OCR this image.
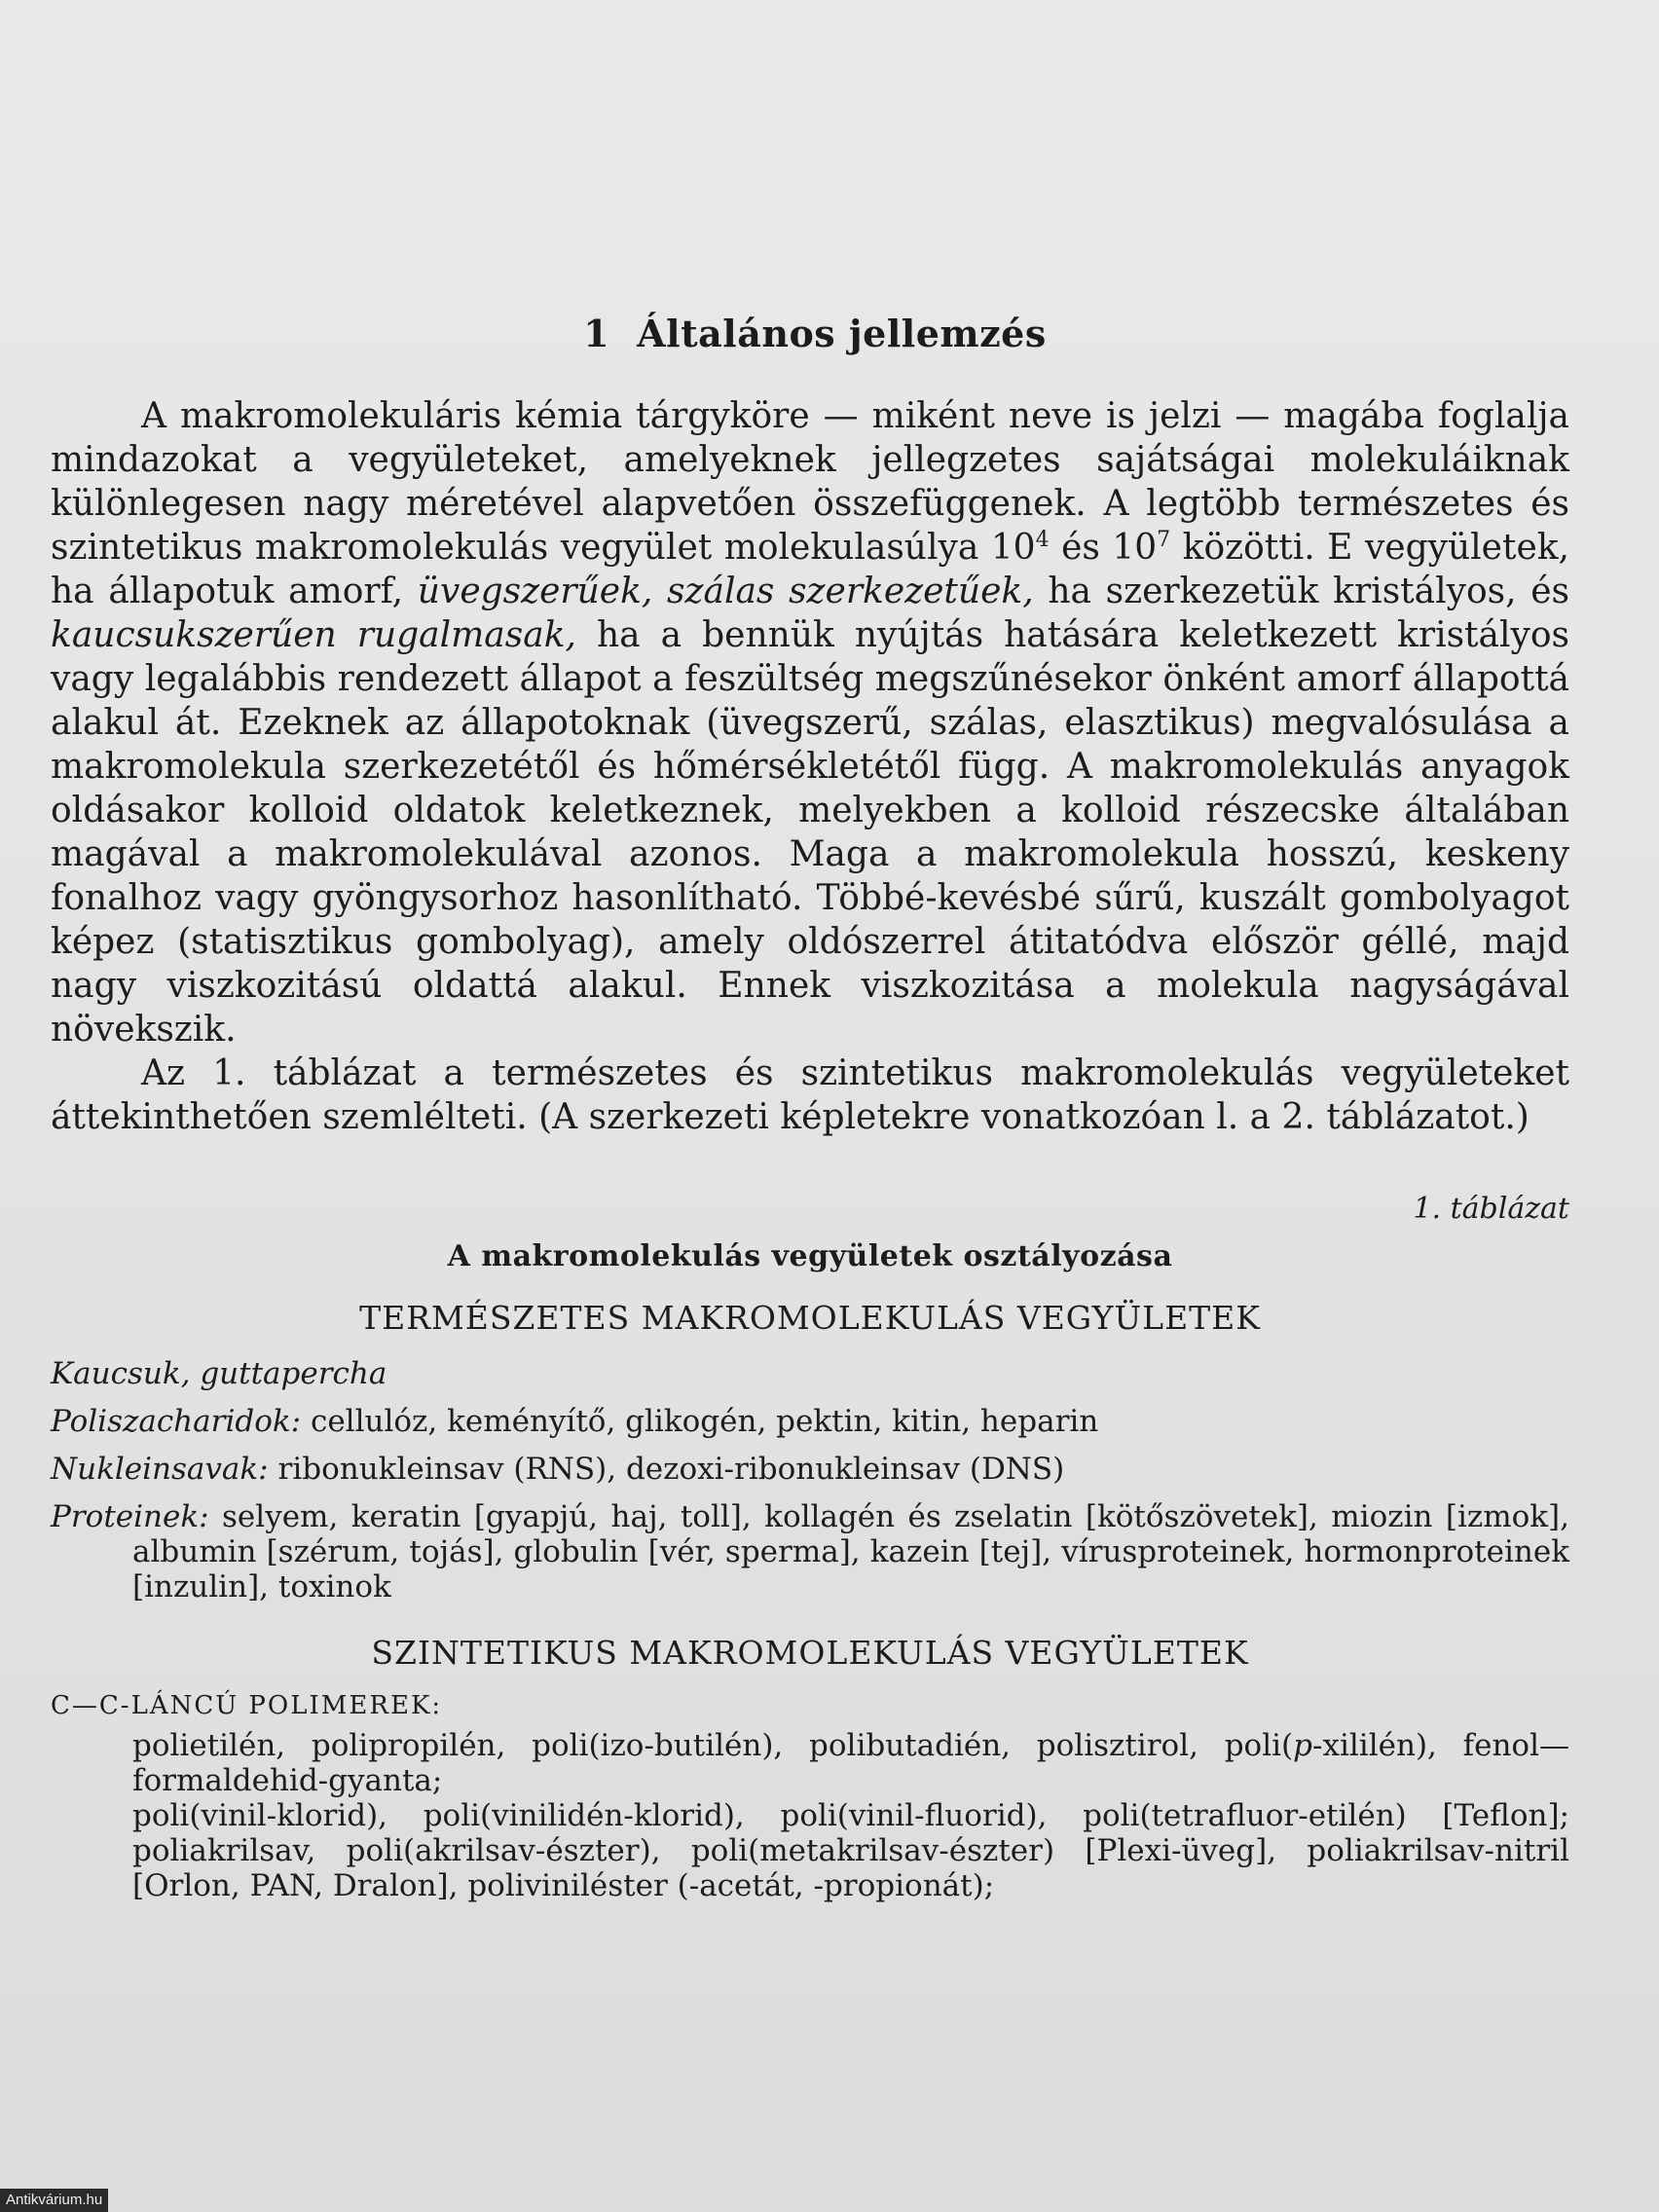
1 Általános jellemzés

A makromolekuláris kémia tárgyköre — miként neve is jelzi — magába foglalja mindazokat a vegyületeket, amelyeknek jellegzetes sajátságai molekuláiknak különlegesen nagy méretével alapvetően összefüggenek. A legtöbb természetes és szintetikus makromolekulás vegyület molekulasúlya $10^4$ és $10^7$ közötti. E vegyületek, ha állapotuk amorf, üvegszerűek, szálas szerkezetűek, ha szerkezetük kristályos, és kaucsukszerűen rugalmasak, ha a bennük nyújtás hatására keletkezett kristályos vagy legalábbis rendezett állapot a feszültség megszűnésekor önként amorf állapottá alakul át. Ezeknek az állapotoknak (üvegszerű, szálas, elasztikus) megvalósulása a makromolekula szerkezetétől és hőmérsékletétől függ. A makromolekulás anyagok oldásakor kolloid oldatok keletkeznek, melyekben a kolloid részecske általában magával a makromolekulával azonos. Maga a makromolekula hosszú, keskeny fonalhoz vagy gyöngysorhoz hasonlítható. Többé-kevésbé sűrű, kuszált gombolyagot képez (statisztikus gombolyag), amely oldószerrel átitatódva először géllé, majd nagy viszkozitású oldattá alakul. Ennek viszkozitása a molekula nagyságával növekszik.

Az 1. táblázat a természetes és szintetikus makromolekulás vegyületeket áttekinthetően szemlélteti. (A szerkezeti képletekre vonatkozóan l. a 2. táblázatot.)

1. táblázat
A makromolekulás vegyületek osztályozása
TERMÉSZETES MAKROMOLEKULÁS VEGYÜLETEK

Kaucsuk, guttapercha

Poliszacharidok: cellulóz, keményítő, glikogén, pektin, kitin, heparin

Nukleinsavak: ribonukleinsav (RNS), dezoxi-ribonukleinsav (DNS)

Proteinek: selyem, keratin [gyapjú, haj, toll], kollagén és zselatin [kötőszövetek], miozin [izmok], albumin [szérum, tojás], globulin [vér, sperma], kazein [tej], vírusproteinek, hormonproteinek [inzulin], toxinok

SZINTETIKUS MAKROMOLEKULÁS VEGYÜLETEK
C—C-LÁNCÚ POLIMEREK:

polietilén, polipropilén, poli(izo-butilén), polibutadién, polisztirol, poli(p-xililén), fenol—formaldehid-gyanta;

poli(vinil-klorid), poli(vinilidén-klorid), poli(vinil-fluorid), poli(tetrafluor-etilén) [Teflon]; poliakrilsav, poli(akrilsav-észter), poli(metakrilsav-észter) [Plexi-üveg], poliakrilsav-nitril [Orlon, PAN, Dralon], poliviniléster (-acetát, -propionát);

Antikvárium.hu
